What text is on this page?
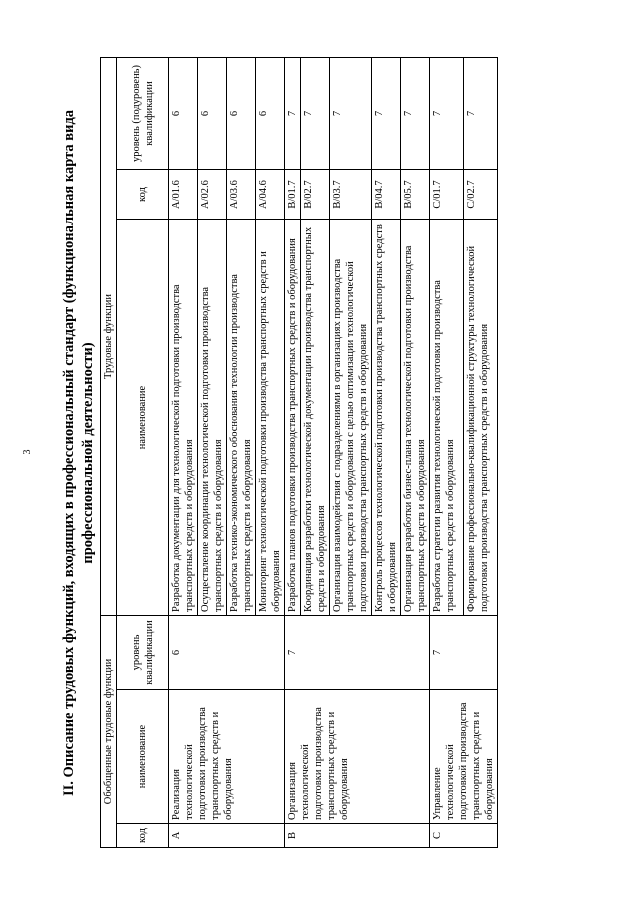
3 II. Описание трудовых функций, входящих в профессиональный стандарт (функциональная карта вида профессиональной деятельности)
Обобщенные трудовые функции			Трудовые функции		
код	наименование	уровень квалификации	наименование	код	уровень (подуровень) квалификации
A	Реализация технологической подготовки производства транспортных средств и оборудования	6	Разработка документации для технологической подготовки производства транспортных средств и оборудования	A/01.6	6
			Осуществление координации технологической подготовки производства транспортных средств и оборудования	A/02.6	6
			Разработка технико-экономического обоснования технологии производства транспортных средств и оборудования	A/03.6	6
			Мониторинг технологической подготовки производства транспортных средств и оборудования	A/04.6	6
B	Организация технологической подготовки производства транспортных средств и оборудования	7	Разработка планов подготовки производства транспортных средств и оборудования	B/01.7	7
			Координация разработки технологической документации производства транспортных средств и оборудования	B/02.7	7
			Организация взаимодействия с подразделениями в организациях производства транспортных средств и оборудования с целью оптимизации технологической подготовки производства транспортных средств и оборудования	B/03.7	7
			Контроль процессов технологической подготовки производства транспортных средств и оборудования	B/04.7	7
			Организация разработки бизнес-плана технологической подготовки производства транспортных средств и оборудования	B/05.7	7
C	Управление технологической подготовкой производства транспортных средств и оборудования	7	Разработка стратегии развития технологической подготовки производства транспортных средств и оборудования	C/01.7	7
			Формирование профессионально-квалификационной структуры технологической подготовки производства транспортных средств и оборудования	C/02.7	7
